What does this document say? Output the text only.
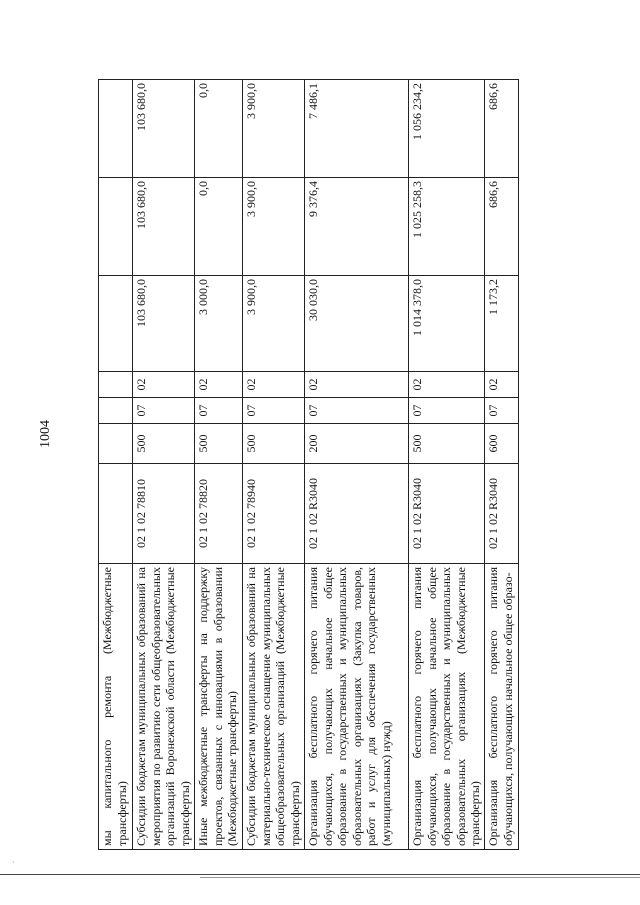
1004
мы капитального ремонта (Межбюджетные трансферты)							
Субсидии бюджетам муниципальных образований на мероприятия по развитию сети общеобразовательных организаций Воронежской области (Межбюджетные трансферты)	02 1 02 78810	500	07	02	103 680,0	103 680,0	103 680,0
Иные межбюджетные трансферты на поддержку проектов, связанных с инновациями в образовании (Межбюджетные трансферты)	02 1 02 78820	500	07	02	3 000,0	0,0	0,0
Субсидии бюджетам муниципальных образований на материально-техническое оснащение муниципальных общеобразовательных организаций (Межбюджетные трансферты)	02 1 02 78940	500	07	02	3 900,0	3 900,0	3 900,0
Организация бесплатного горячего питания обучающихся, получающих начальное общее образование в государственных и муниципальных образовательных организациях (Закупка товаров, работ и услуг для обеспечения государственных (муниципальных) нужд)	02 1 02 R3040	200	07	02	30 030,0	9 376,4	7 486,1
Организация бесплатного горячего питания обучающихся, получающих начальное общее образование в государственных и муниципальных образовательных организациях (Межбюджетные трансферты)	02 1 02 R3040	500	07	02	1 014 378,0	1 025 258,3	1 056 234,2
Организация бесплатного горячего питания обучающихся, получающих начальное общее образо-	02 1 02 R3040	600	07	02	1 173,2	686,6	686,6
·
